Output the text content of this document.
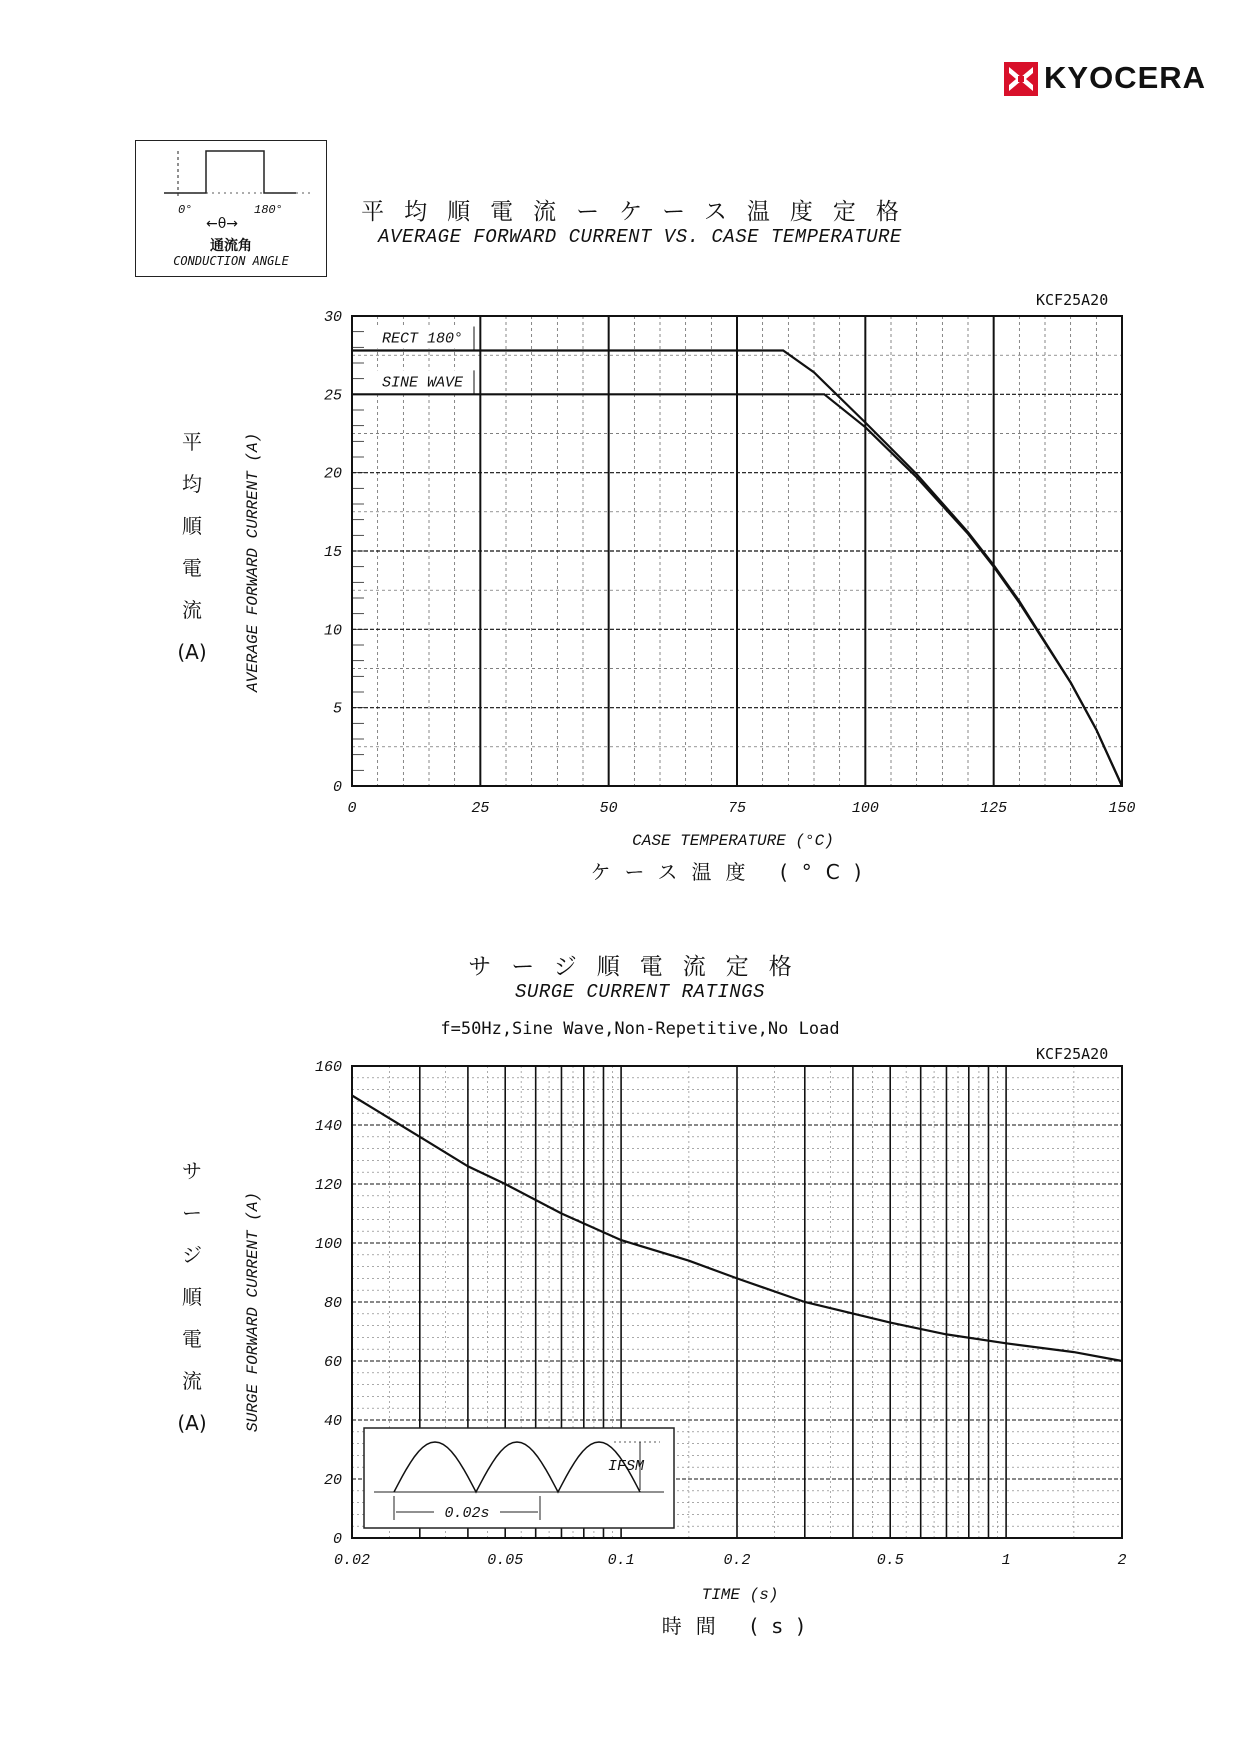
KYOCERA
0°	180°
←θ→
通流角
CONDUCTION ANGLE
平均順電流ーケース温度定格
AVERAGE FORWARD CURRENT VS. CASE TEMPERATURE
KCF25A20
平
均
順
電
流
(A)	AVERAGE FORWARD CURRENT (A)
0	25	50	75	100	125	150
0
5
10
15
20
25
30
RECT 180°
SINE WAVE
CASE TEMPERATURE (°C)
ケース温度 (°C)
サージ順電流定格
SURGE CURRENT RATINGS
f=50Hz,Sine Wave,Non-Repetitive,No Load
KCF25A20
サ
ー
ジ
順
電
流
(A)	SURGE FORWARD CURRENT (A)
0.02	0.05	0.1	0.2	0.5	1	2
0
20
40
60
80
100
120
140
160
0.02s
IFSM
TIME (s)
時間 (s)
